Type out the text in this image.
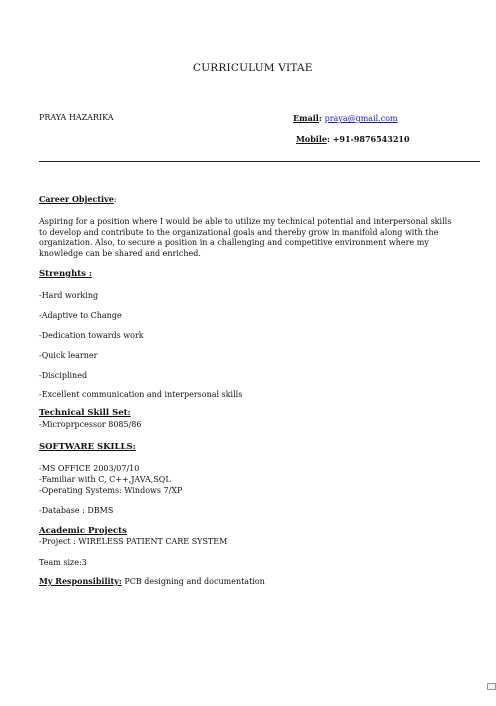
CURRICULUM VITAE
PRAYA HAZARIKA	Email: praya@gmail.com
Mobile: +91-9876543210
Career Objective:
Aspiring for a position where I would be able to utilize my technical potential and interpersonal skills to develop and contribute to the organizational goals and thereby grow in manifold along with the organization. Also, to secure a position in a challenging and competitive environment where my knowledge can be shared and enriched.
Strenghts :
-Hard working
-Adaptive to Change
-Dedication towards work
-Quick learner
-Disciplined
-Excellent communication and interpersonal skills
Technical Skill Set:
-Microprpcessor 8085/86
SOFTWARE SKILLS:
-MS OFFICE 2003/07/10
-Familiar with C, C++,JAVA,SQL
-Operating Systems: Windows 7/XP
-Database : DBMS
Academic Projects
-Project : WIRELESS PATIENT CARE SYSTEM
Team size:3
My Responsibility: PCB designing and documentation
